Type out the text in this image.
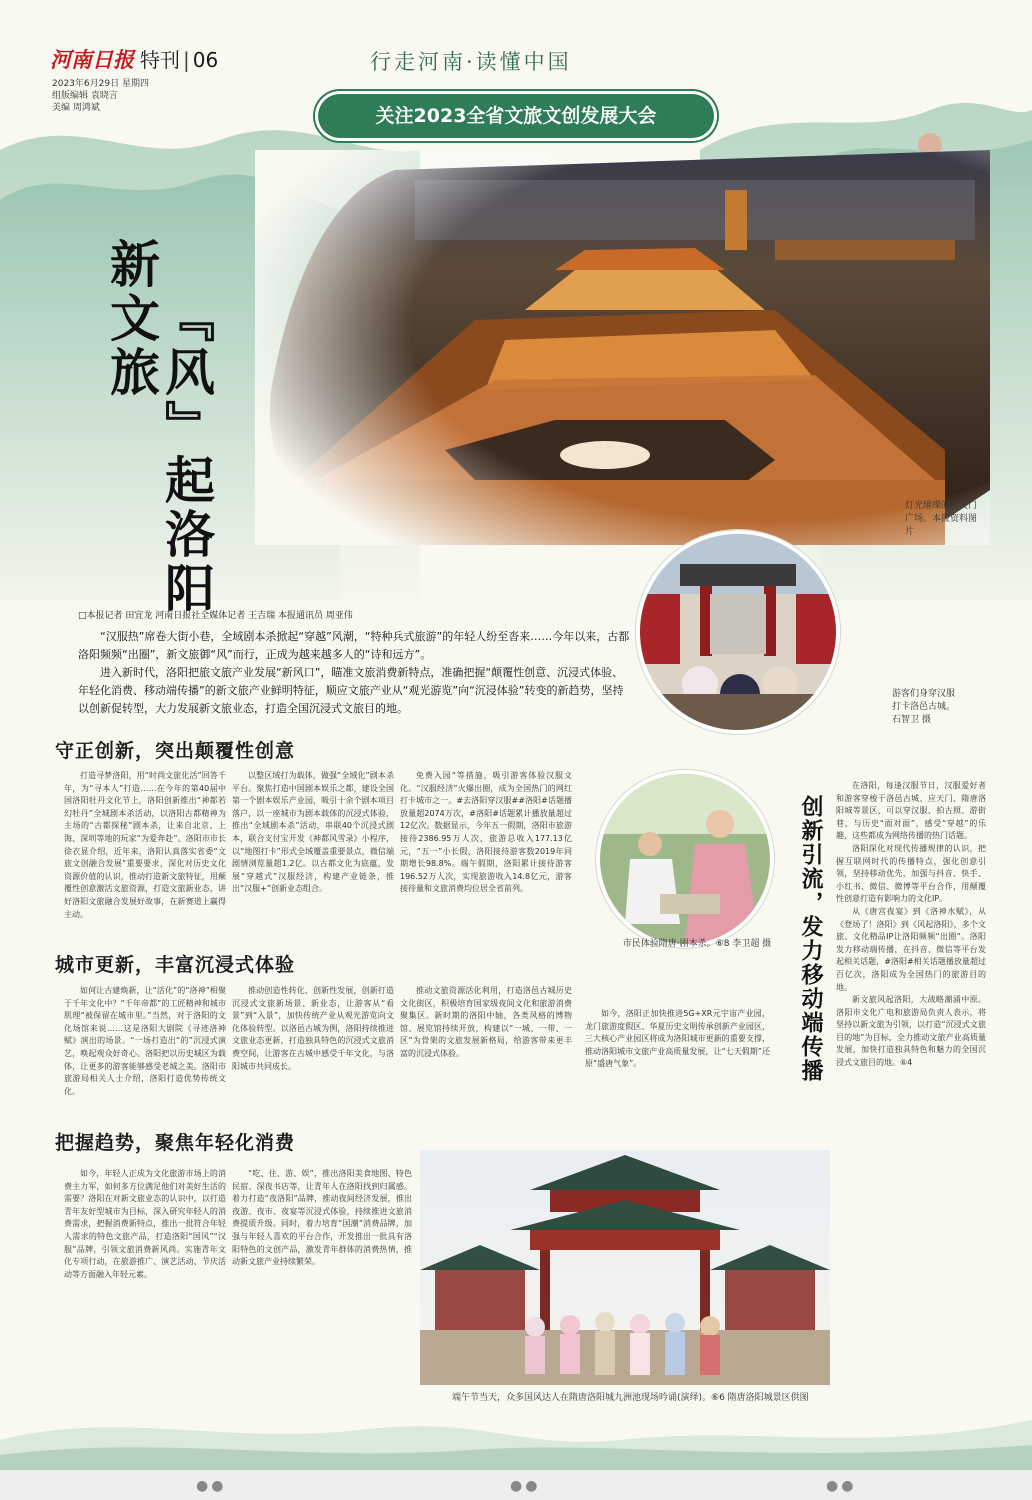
河南日报 特刊 | 06
2023年6月29日 星期四
组版编辑 袁晓言
美编 周鸿斌
行走河南·读懂中国
关注2023全省文旅文创发展大会
新文旅
『风』起洛阳	灯光璀璨的应天门广场。本报资料图片
游客们身穿汉服打卡洛邑古城。石智卫 摄
□本报记者 田宜龙 河南日报社全媒体记者 王吉瑞 本报通讯员 周亚伟

“汉服热”席卷大街小巷，全域剧本杀掀起“穿越”风潮，“特种兵式旅游”的年轻人纷至沓来……今年以来，古都洛阳频频“出圈”，新文旅御“风”而行，正成为越来越多人的“诗和远方”。

进入新时代，洛阳把旅文旅产业发展“新风口”，瞄准文旅消费新特点，准确把握“颠覆性创意、沉浸式体验、年轻化消费、移动端传播”的新文旅产业鲜明特征，顺应文旅产业从“观光游览”向“沉浸体验”转变的新趋势，坚持以创新促转型，大力发展新文旅业态，打造全国沉浸式文旅目的地。

守正创新，突出颠覆性创意

打造寻梦洛阳，用“时尚文旅化活”回答千年，为“寻本人”打造……在今年的第40届中国洛阳牡丹文化节上，洛阳创新推出“神都若幻牡丹”全城剧本杀活动，以洛阳古都精神为主场的“古都探秘”剧本杀，让来自北京、上海、深圳等地的玩家“为爱奔赴”。洛阳市市长徐衣显介绍，近年来，洛阳认真落实省委“文旅文创融合发展”重要要求，深化对历史文化资源价值的认识，推动打造新文旅特征，用颠覆性创意激活文旅资源，打造文旅新业态，讲好洛阳文旅融合发展好故事，在新赛道上赢得主动。

以整区域打为载体，做强“全域化”剧本杀平台。聚焦打造中国剧本娱乐之都，建设全国第一个剧本娱乐产业园，吸引十余个剧本项目落户，以一座城市为剧本载体的沉浸式体验，推出“全域剧本杀”活动，串联40个沉浸式剧本，联合支付宝开发《神都风雪录》小程序，以“地图打卡”形式全域覆盖重要景点，微信端剧情浏览量超1.2亿。以古都文化为底蕴，发展“穿越式”汉服经济，构建产业链条，推出“汉服+”创新业态组合。

免费入园“等措施，吸引游客体验汉服文化。“汉服经济”火爆出圈，成为全国热门的网红打卡城市之一。#去洛阳穿汉服##洛阳#话题播放量超2074万次，#洛阳#话题累计播放量超过12亿次。数据显示，今年五一假期，洛阳市旅游接待2386.95万人次，旅游总收入177.13亿元，“五一”小长假，洛阳接待游客数2019年同期增长98.8%。端午假期，洛阳累计接待游客196.52万人次，实现旅游收入14.8亿元，游客接待量和文旅消费均位居全省前列。

市民体验隋唐·剧本杀。⑥8 李卫超 摄
城市更新，丰富沉浸式体验

如何让古建焕新，让“活化”的“洛神”相聚于千年文化中？“千年帝都”的工匠精神和城市肌理“被保留在城市里。”当然，对于洛阳的文化场馆来说……这是洛阳大剧院《寻迹洛神赋》演出的场景。“一场打造出“的”沉浸式演艺，唤起观众好奇心。洛阳把以历史城区为载体，让更多的游客能够感受老城之美。洛阳市旅游局相关人士介绍，洛阳打造优势传统文化。

推动创造性转化、创新性发展，创新打造沉浸式文旅新场景、新业态，让游客从“看景”到“入景”，加快传统产业从观光游览向文化体验转型。以洛邑古城为例，洛阳持续推进文旅业态更新，打造独具特色的沉浸式文旅消费空间，让游客在古城中感受千年文化，与洛阳城市共同成长。

推动文旅资源活化利用，打造洛邑古城历史文化街区，积极培育国家级夜间文化和旅游消费聚集区。新时期的洛阳中轴，各类风格的博物馆、展览馆持续开放，构建以“一城、一带、一区”为骨架的文旅发展新格局，给游客带来更丰富的沉浸式体验。

如今，洛阳正加快推进5G+XR元宇宙产业园，龙门旅游度假区、华夏历史文明传承创新产业园区，三大核心产业园区将成为洛阳城市更新的重要支撑，推动洛阳城市文旅产业高质量发展，让“七天假期”还原“盛唐气象”。

把握趋势，聚焦年轻化消费

如今，年轻人正成为文化旅游市场上的消费主力军，如何多方位满足他们对美好生活的需要？洛阳在对新文旅业态的认识中，以打造青年友好型城市为目标，深入研究年轻人的消费需求，把握消费新特点，推出一批符合年轻人需求的特色文旅产品，打造洛阳“国风”“汉服”品牌，引领文旅消费新风尚。实施青年文化专项行动，在旅游推广、演艺活动、节庆活动等方面融入年轻元素。

“吃、住、游、娱”，推出洛阳美食地图、特色民宿、深夜书店等，让青年人在洛阳找到归属感。着力打造“夜洛阳”品牌，推动夜间经济发展，推出夜游、夜市、夜宴等沉浸式体验，持续推进文旅消费提质升级。同时，着力培育“国潮”消费品牌，加强与年轻人喜欢的平台合作，开发推出一批具有洛阳特色的文创产品，激发青年群体的消费热情，推动新文旅产业持续繁荣。

端午节当天，众多国风达人在隋唐洛阳城九洲池现场吟诵(演绎)。⑥6 隋唐洛阳城景区供图
创新引流，发力移动端传播

在洛阳，每逢汉服节日，汉服爱好者和游客穿梭于洛邑古城、应天门、隋唐洛阳城等景区，可以穿汉服、拍古照、游街巷，与历史“面对面”，感受“穿越”的乐趣，这些都成为网络传播的热门话题。

洛阳深化对现代传播规律的认识，把握互联网时代的传播特点，强化创意引领，坚持移动优先，加强与抖音、快手、小红书、微信、微博等平台合作，用颠覆性创意打造有影响力的文化IP。

从《唐宫夜宴》到《洛神水赋》，从《登场了！洛阳》到《风起洛阳》，多个文旅、文化精品IP让洛阳频频“出圈”。洛阳发力移动端传播，在抖音、微信等平台发起相关话题，#洛阳#相关话题播放量超过百亿次，洛阳成为全国热门的旅游目的地。

新文旅风起洛阳，大战略潮涌中原。洛阳市文化广电和旅游局负责人表示，将坚持以新文旅为引领，以打造“沉浸式文旅目的地”为目标，全力推动文旅产业高质量发展，加快打造独具特色和魅力的全国沉浸式文旅目的地。⑥4

●●	●●	●●
